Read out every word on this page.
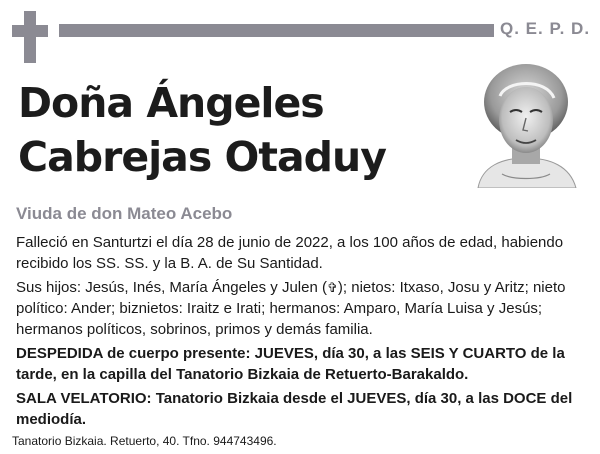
Q. E. P. D.
Doña Ángeles
Cabrejas Otaduy
Viuda de don Mateo Acebo

Falleció en Santurtzi el día 28 de junio de 2022, a los 100 años de edad, habiendo recibido los SS. SS. y la B. A. de Su Santidad.

Sus hijos: Jesús, Inés, María Ángeles y Julen (✞); nietos: Itxaso, Josu y Aritz; nieto político: Ander; biznietos: Iraitz e Irati; hermanos: Amparo, María Luisa y Jesús; hermanos políticos, sobrinos, primos y demás familia.

DESPEDIDA de cuerpo presente: JUEVES, día 30, a las SEIS Y CUARTO de la tarde, en la capilla del Tanatorio Bizkaia de Retuerto-Barakaldo.

SALA VELATORIO: Tanatorio Bizkaia desde el JUEVES, día 30, a las DOCE del mediodía.

Tanatorio Bizkaia. Retuerto, 40. Tfno. 944743496.
